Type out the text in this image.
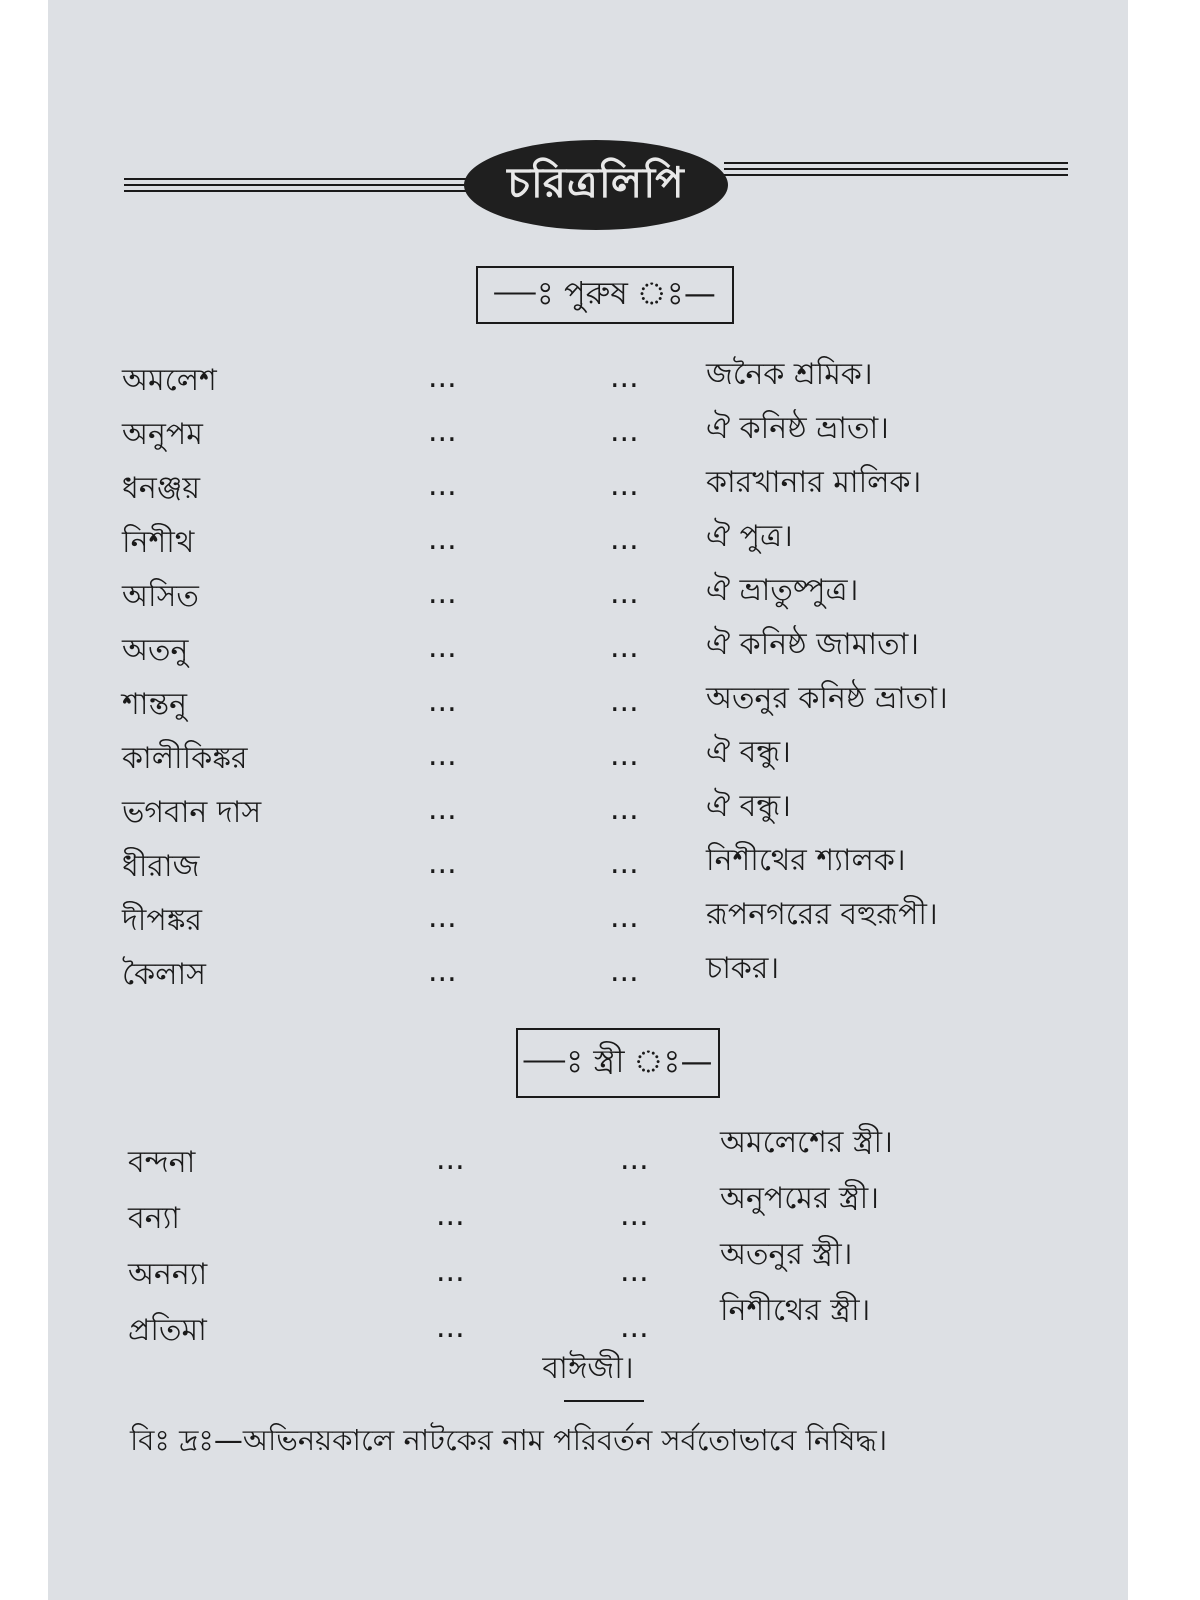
চরিত্রলিপি
—ঃ পুরুষ ঃ—
অমলেশ	...	... জনৈক শ্রমিক।
অনুপম	...	... ঐ কনিষ্ঠ ভ্রাতা।
ধনঞ্জয়	...	... কারখানার মালিক।
নিশীথ	...	... ঐ পুত্র।
অসিত	...	... ঐ ভ্রাতুষ্পুত্র।
অতনু	...	... ঐ কনিষ্ঠ জামাতা।
শান্তনু	...	... অতনুর কনিষ্ঠ ভ্রাতা।
কালীকিঙ্কর	...	... ঐ বন্ধু।
ভগবান দাস	...	... ঐ বন্ধু।
ধীরাজ	...	... নিশীথের শ্যালক।
দীপঙ্কর	...	... রূপনগরের বহুরূপী।
কৈলাস	...	... চাকর।
—ঃ স্ত্রী ঃ—
বন্দনা	...	... অমলেশের স্ত্রী।
বন্যা	...	... অনুপমের স্ত্রী।
অনন্যা	...	... অতনুর স্ত্রী।
প্রতিমা	...	... নিশীথের স্ত্রী।
বাঈজী।
বিঃ দ্রঃ—অভিনয়কালে নাটকের নাম পরিবর্তন সর্বতোভাবে নিষিদ্ধ।
